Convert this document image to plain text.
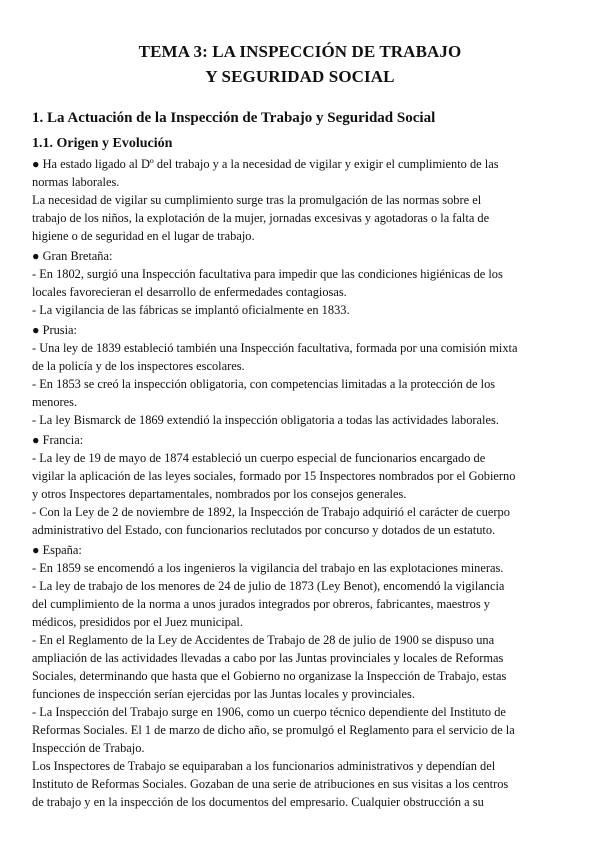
TEMA 3: LA INSPECCIÓN DE TRABAJO
Y SEGURIDAD SOCIAL
1. La Actuación de la Inspección de Trabajo y Seguridad Social
1.1. Origen y Evolución
● Ha estado ligado al Dº del trabajo y a la necesidad de vigilar y exigir el cumplimiento de las
normas laborales.
La necesidad de vigilar su cumplimiento surge tras la promulgación de las normas sobre el
trabajo de los niños, la explotación de la mujer, jornadas excesivas y agotadoras o la falta de
higiene o de seguridad en el lugar de trabajo.
● Gran Bretaña:
- En 1802, surgió una Inspección facultativa para impedir que las condiciones higiénicas de los
locales favorecieran el desarrollo de enfermedades contagiosas.
- La vigilancia de las fábricas se implantó oficialmente en 1833.
● Prusia:
- Una ley de 1839 estableció también una Inspección facultativa, formada por una comisión mixta
de la policía y de los inspectores escolares.
- En 1853 se creó la inspección obligatoria, con competencias limitadas a la protección de los
menores.
- La ley Bismarck de 1869 extendió la inspección obligatoria a todas las actividades laborales.
● Francia:
- La ley de 19 de mayo de 1874 estableció un cuerpo especial de funcionarios encargado de
vigilar la aplicación de las leyes sociales, formado por 15 Inspectores nombrados por el Gobierno
y otros Inspectores departamentales, nombrados por los consejos generales.
- Con la Ley de 2 de noviembre de 1892, la Inspección de Trabajo adquirió el carácter de cuerpo
administrativo del Estado, con funcionarios reclutados por concurso y dotados de un estatuto.
● España:
- En 1859 se encomendó a los ingenieros la vigilancia del trabajo en las explotaciones mineras.
- La ley de trabajo de los menores de 24 de julio de 1873 (Ley Benot), encomendó la vigilancia
del cumplimiento de la norma a unos jurados integrados por obreros, fabricantes, maestros y
médicos, presididos por el Juez municipal.
- En el Reglamento de la Ley de Accidentes de Trabajo de 28 de julio de 1900 se dispuso una
ampliación de las actividades llevadas a cabo por las Juntas provinciales y locales de Reformas
Sociales, determinando que hasta que el Gobierno no organizase la Inspección de Trabajo, estas
funciones de inspección serían ejercidas por las Juntas locales y provinciales.
- La Inspección del Trabajo surge en 1906, como un cuerpo técnico dependiente del Instituto de
Reformas Sociales. El 1 de marzo de dicho año, se promulgó el Reglamento para el servicio de la
Inspección de Trabajo.
Los Inspectores de Trabajo se equiparaban a los funcionarios administrativos y dependían del
Instituto de Reformas Sociales. Gozaban de una serie de atribuciones en sus visitas a los centros
de trabajo y en la inspección de los documentos del empresario. Cualquier obstrucción a su
